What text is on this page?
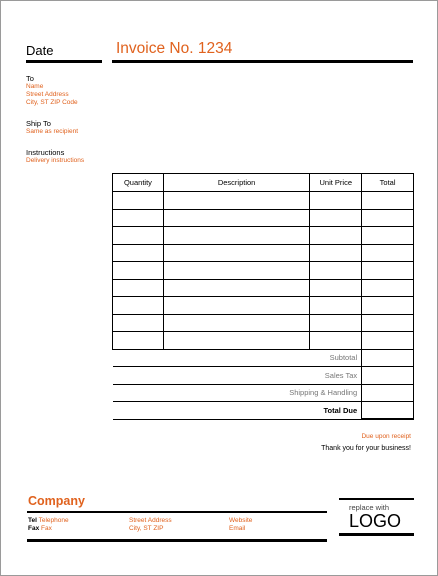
Date	Invoice No. 1234
To
Name
Street Address
City, ST ZIP Code
Ship To
Same as recipient
Instructions
Delivery instructions
Quantity	Description	Unit Price	Total

Subtotal			
Sales Tax			
Shipping & Handling			
Total Due			
Due upon receipt
Thank you for your business!
Company
Tel Telephone
Fax Fax
Street Address
City, ST ZIP
Website
Email
replace with
LOGO
